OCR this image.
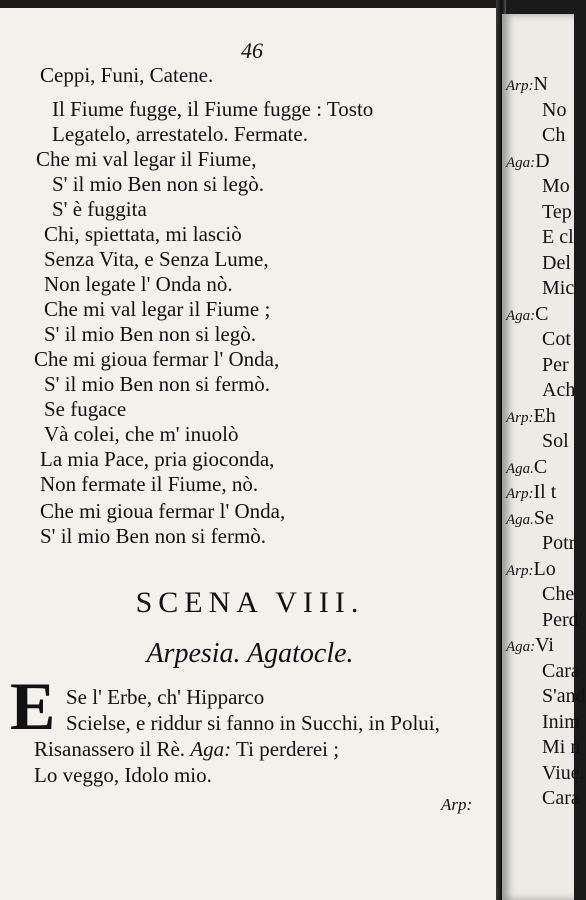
46
Ceppi, Funi, Catene.
Il Fiume fugge, il Fiume fugge : Tosto
Legatelo, arrestatelo. Fermate.
Che mi val legar il Fiume,
S' il mio Ben non si legò.
S' è fuggita
Chi, spiettata, mi lasciò
Senza Vita, e Senza Lume,
Non legate l' Onda nò.
Che mi val legar il Fiume ;
S' il mio Ben non si legò.
Che mi gioua fermar l' Onda,
S' il mio Ben non si fermò.
Se fugace
Và colei, che m' inuolò
La mia Pace, pria gioconda,
Non fermate il Fiume, nò.
Che mi gioua fermar l' Onda,
S' il mio Ben non si fermò.
SCENA VIII.
Arpesia. Agatocle.
E Se l' Erbe, ch' Hipparco
Scielse, e riddur si fanno in Succhi, in Polui,
Risanassero il Rè. Aga: Ti perderei ;
Lo veggo, Idolo mio.
Arp:
Arp:N
No
Ch
Aga:D
Mo
Tep
E cl
Del
Mic
Aga:C
Cot
Per
Ach
Arp:Eh
Sol
Aga.C
Arp:Il t
Aga.Se
Potr
Arp:Lo
Che
Perd
Aga:Vi
Cara
S'and
Inim
Mi n
Viue.
Cara
